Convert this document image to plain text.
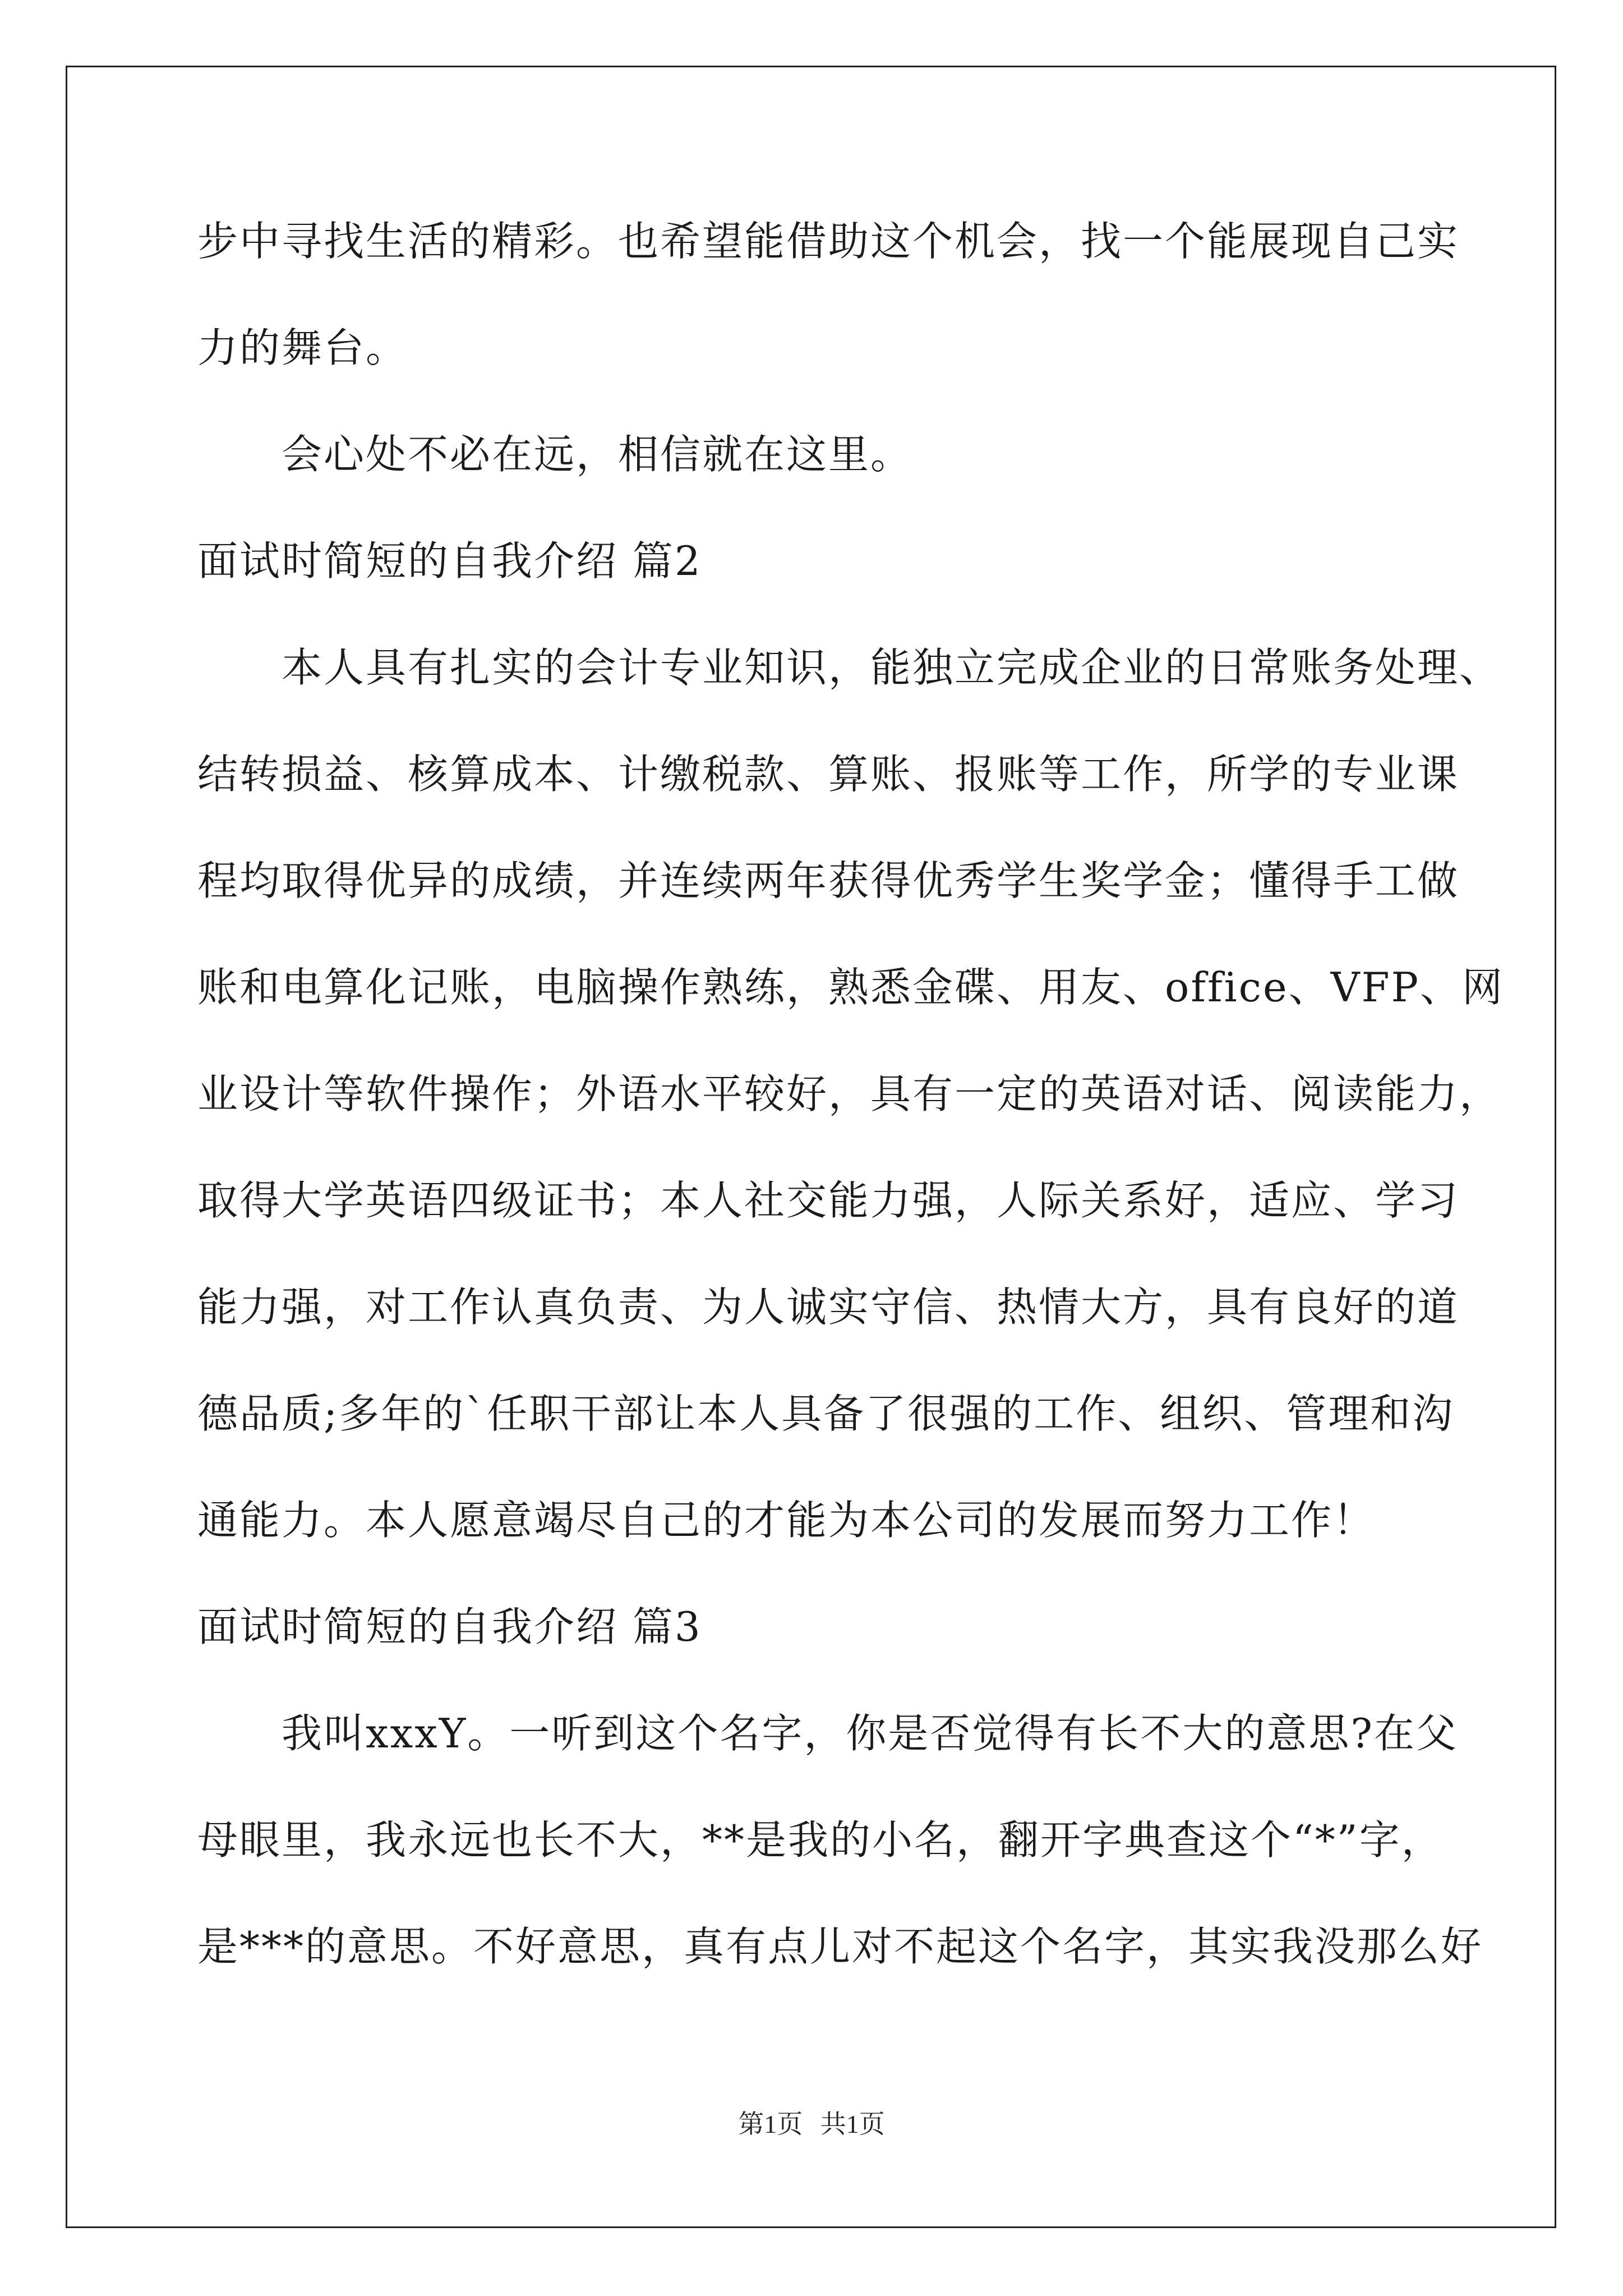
步中寻找生活的精彩。也希望能借助这个机会，找一个能展现自己实
力的舞台。
会心处不必在远，相信就在这里。
面试时简短的自我介绍 篇2
本人具有扎实的会计专业知识，能独立完成企业的日常账务处理、
结转损益、核算成本、计缴税款、算账、报账等工作，所学的专业课
程均取得优异的成绩，并连续两年获得优秀学生奖学金；懂得手工做
账和电算化记账，电脑操作熟练，熟悉金碟、用友、office、VFP、网
业设计等软件操作；外语水平较好，具有一定的英语对话、阅读能力，
取得大学英语四级证书；本人社交能力强，人际关系好，适应、学习
能力强，对工作认真负责、为人诚实守信、热情大方，具有良好的道
德品质;多年的`任职干部让本人具备了很强的工作、组织、管理和沟
通能力。本人愿意竭尽自己的才能为本公司的发展而努力工作！
面试时简短的自我介绍 篇3
我叫xxxY。一听到这个名字，你是否觉得有长不大的意思?在父
母眼里，我永远也长不大，**是我的小名，翻开字典查这个“*”字，
是***的意思。不好意思，真有点儿对不起这个名字，其实我没那么好
第1页 共1页
